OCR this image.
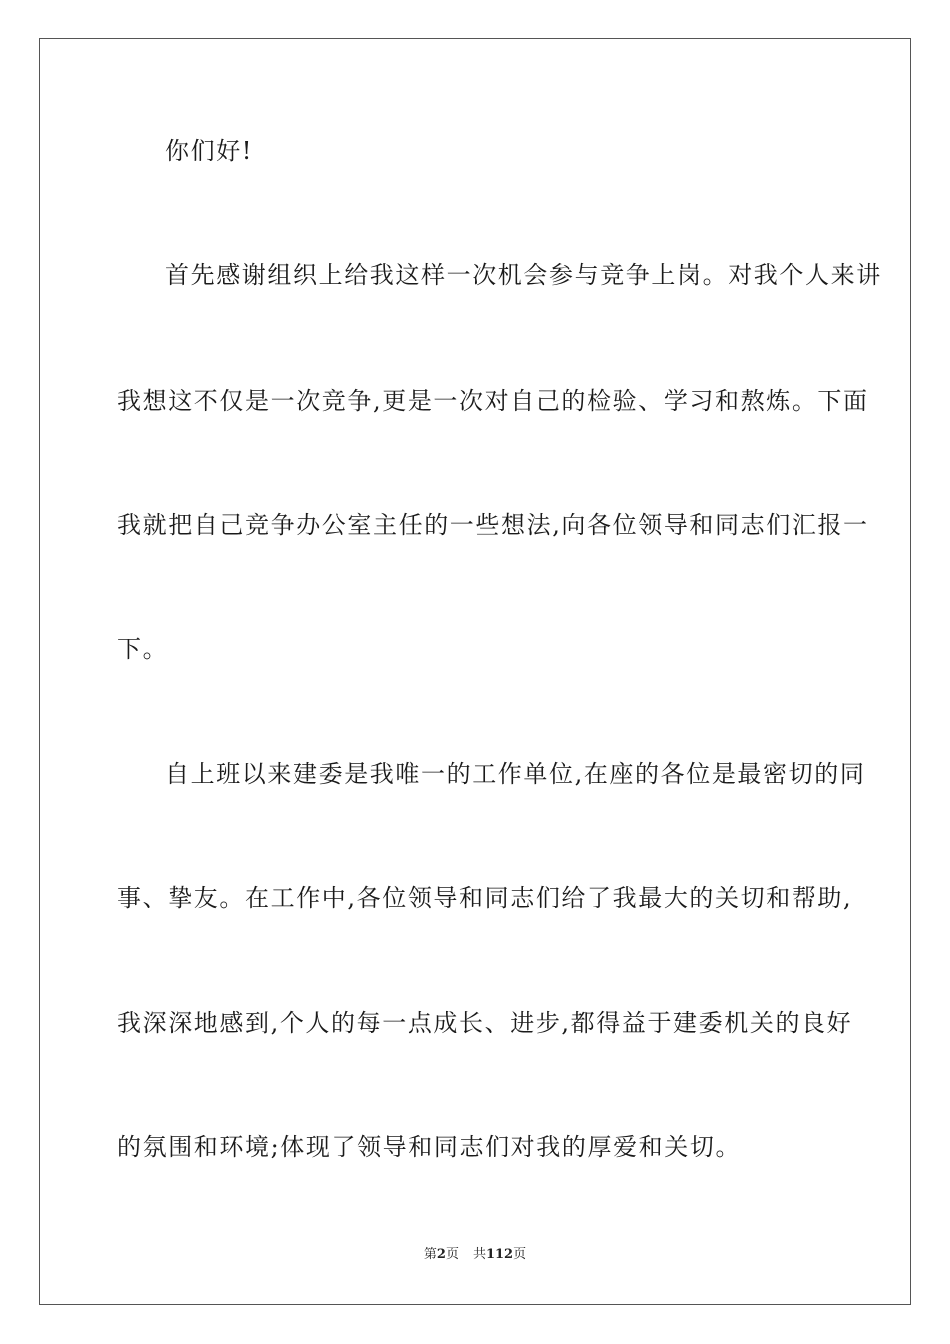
你们好!
首先感谢组织上给我这样一次机会参与竞争上岗。对我个人来讲
我想这不仅是一次竞争,更是一次对自己的检验、学习和熬炼。下面
我就把自己竞争办公室主任的一些想法,向各位领导和同志们汇报一
下。
自上班以来建委是我唯一的工作单位,在座的各位是最密切的同
事、挚友。在工作中,各位领导和同志们给了我最大的关切和帮助,
我深深地感到,个人的每一点成长、进步,都得益于建委机关的良好
的氛围和环境;体现了领导和同志们对我的厚爱和关切。
第2页 共112页
